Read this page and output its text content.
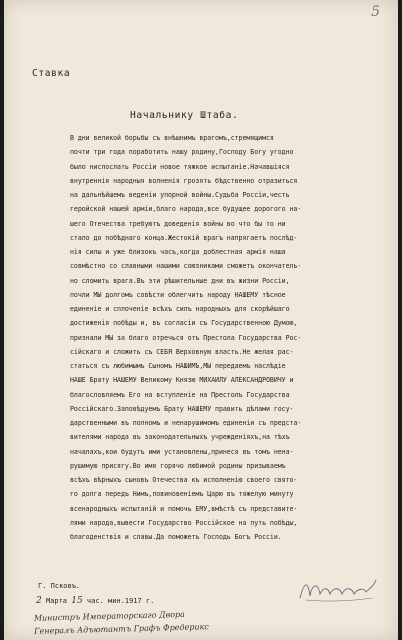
5
Ставка
Начальнику Штаба.
В дни великой борьбы съ внѣшнимъ врагомъ,стремящимся
почти три года поработить нашу родину,Господу Богу угодно
было ниспослать Россіи новое тяжкое испытаніе.Начавшіяся
внутреннія народныя волненія грозять бѣдственно отразиться
на дальнѣйшемъ веденіи упорной войны.Судьба Россіи,честь
геройской нашей арміи,благо народа,все будущее дорогого на-
шего Отечества требуютъ доведенія войны во что бы то ни
стало до побѣднаго конца.Жестокій врагъ напрягаетъ послѣд-
нія силы и уже близокъ часъ,когда доблестная армія наша
совмѣстно со славными нашими союзниками сможетъ окончатель-
но сломить врага.Въ эти рѣшительные дни въ жизни Россіи,
почли МЫ долгомъ совѣсти облегчить народу НАШЕМУ тѣсное
единеніе и сплоченіе всѣхъ силъ народныхъ для скорѣйшаго
достиженія побѣды и, въ согласіи съ Государственною Думою,
признали МЫ за благо отречься отъ Престола Государства Рос-
сійскаго и сложить съ СЕБЯ Верховную власть.Не желая рас-
статься съ любимымъ Сыномъ НАШИМЪ,МЫ передаемъ наслѣдіе
НАШЕ Брату НАШЕМУ Великому Князю МИХАИЛУ АЛЕКСАНДРОВИЧУ и
благословляемъ Его на вступленіе на Престолъ Государства
Россійскаго.Заповѣдуемъ Брату НАШЕМУ править дѣлами госу-
дарственными въ полномъ и ненарушимомъ единеніи съ предста-
вителями народа въ законодательныхъ учрежденіяхъ,на тѣхъ
началахъ,кои будутъ ими установлены,принеся въ томъ нена-
рушимую присягу.Во имя горячо любимой родины призываемъ
всѣхъ вѣрныхъ сыновъ Отечества къ исполненію своего свято-
го долга передъ Нимъ,повиновеніемъ Царю въ тяжелую минуту
всенародныхъ испытаній и помочь ЕМУ,вмѣстѣ съ представите-
лями народа,вывести Государство Россійское на путь побѣды,
благоденствія и славы.Да поможетъ Господь Богъ Россіи.
Г. Псковъ.
2 Марта 15 час. мин.1917 г.
Министръ Императорскаго Двора
Генералъ Адъютантъ Графъ Фредерикс
